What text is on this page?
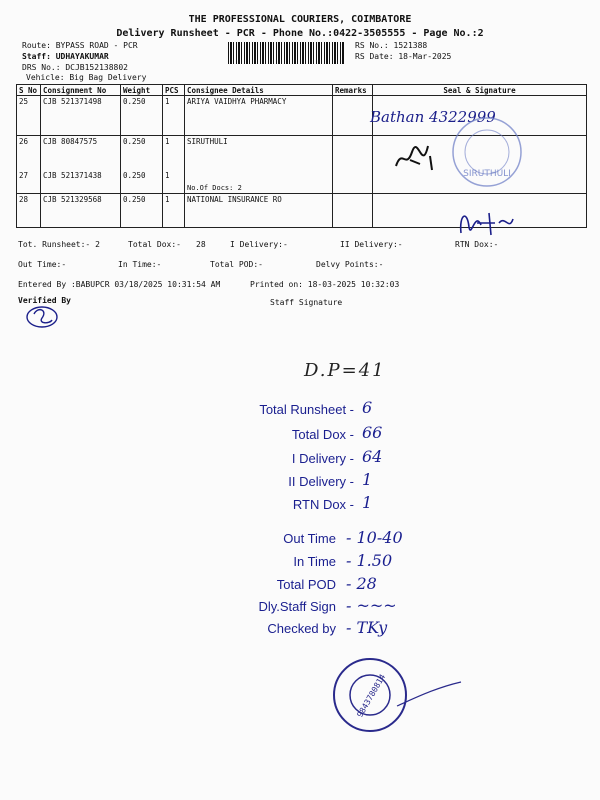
THE PROFESSIONAL COURIERS, COIMBATORE
Delivery Runsheet - PCR - Phone No.:0422-3505555 - Page No.:2
Route: BYPASS ROAD - PCR
Staff: UDHAYAKUMAR
DRS No.: DCJB152138802
Vehicle: Big Bag Delivery
RS No.: 1521388
RS Date: 18-Mar-2025
S No	Consignment No	Weight	PCS	Consignee Details	Remarks	Seal & Signature
25	CJB 521371498	0.250	1	ARIYA VAIDHYA PHARMACY		
26	CJB 80847575	0.250	1	SIRUTHULI		
27	CJB 521371438	0.250	1	No.Of Docs: 2		
28	CJB 521329568	0.250	1	NATIONAL INSURANCE RO		
Bathan 4322999
SIRUTHULI
Tot. Runsheet:- 2	Total Dox:- 28	I Delivery:-	II Delivery:-	RTN Dox:-
Out Time:-	In Time:-	Total POD:-	Delvy Points:-
Entered By :BABUPCR 03/18/2025 10:31:54 AM	Printed on: 18-03-2025 10:32:03
Verified By	Staff Signature
D.P=41
Total Runsheet - 6
Total Dox - 66
I Delivery - 64
II Delivery - 1
RTN Dox - 1
Out Time - 10-40
In Time - 1.50
Total POD - 28
Dly.Staff Sign - ~~~
Checked by - TKy
9843780814
